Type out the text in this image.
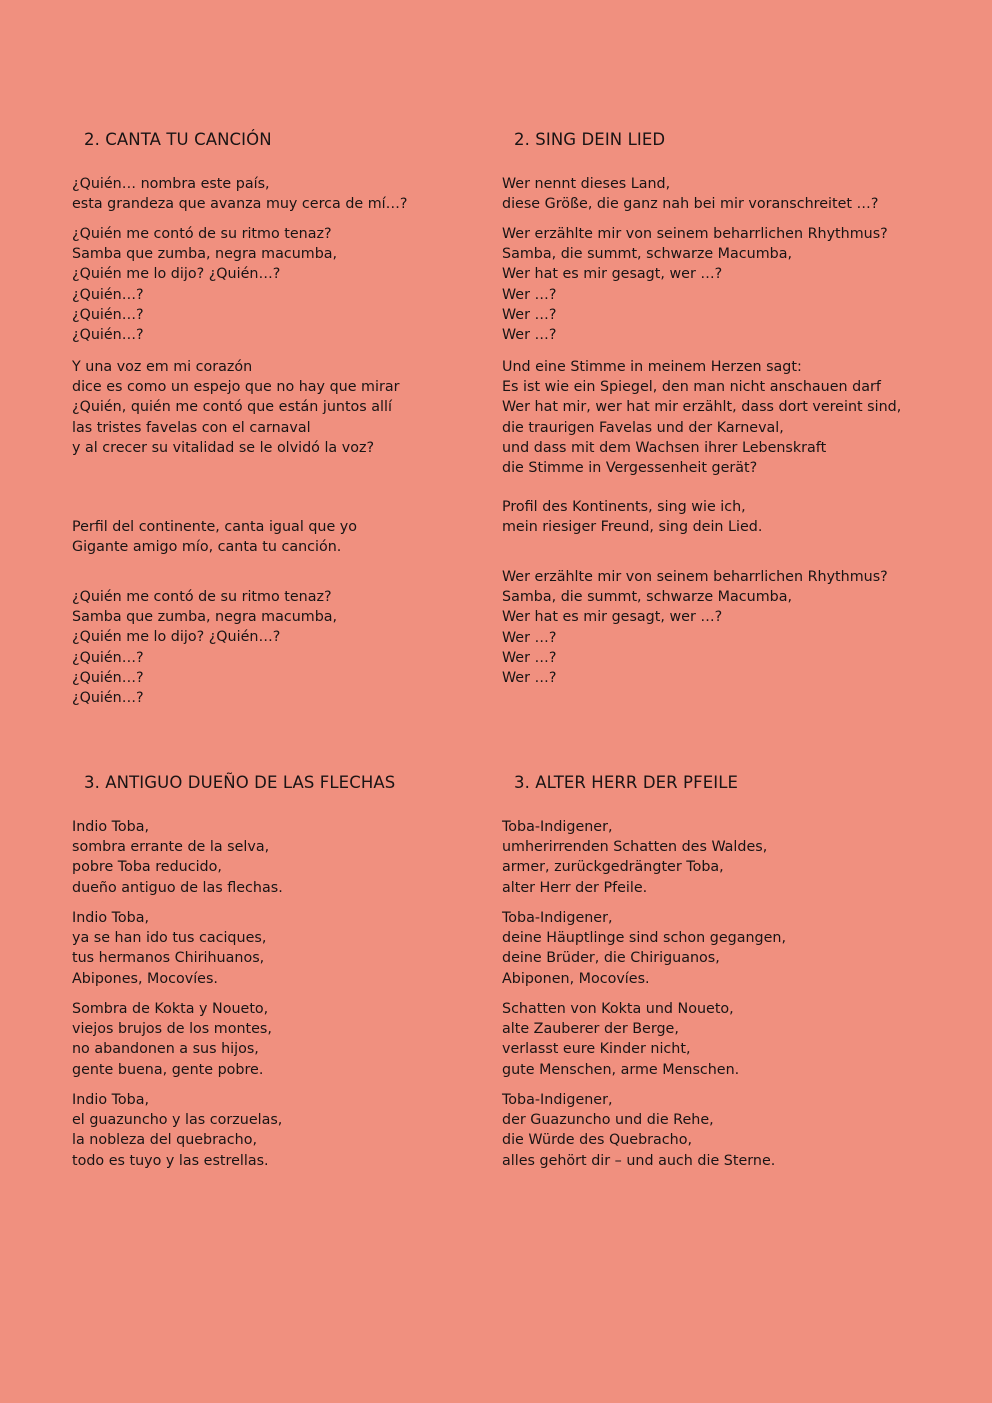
2. CANTA TU CANCIÓN
¿Quién… nombra este país,
esta grandeza que avanza muy cerca de mí…?
¿Quién me contó de su ritmo tenaz?
Samba que zumba, negra macumba,
¿Quién me lo dijo? ¿Quién…?
¿Quién…?
¿Quién…?
¿Quién…?
Y una voz em mi corazón
dice es como un espejo que no hay que mirar
¿Quién, quién me contó que están juntos allí
las tristes favelas con el carnaval
y al crecer su vitalidad se le olvidó la voz?
Perfil del continente, canta igual que yo
Gigante amigo mío, canta tu canción.
¿Quién me contó de su ritmo tenaz?
Samba que zumba, negra macumba,
¿Quién me lo dijo? ¿Quién…?
¿Quién…?
¿Quién…?
¿Quién…?
2. SING DEIN LIED
Wer nennt dieses Land,
diese Größe, die ganz nah bei mir voranschreitet …?
Wer erzählte mir von seinem beharrlichen Rhythmus?
Samba, die summt, schwarze Macumba,
Wer hat es mir gesagt, wer …?
Wer …?
Wer …?
Wer …?
Und eine Stimme in meinem Herzen sagt:
Es ist wie ein Spiegel, den man nicht anschauen darf
Wer hat mir, wer hat mir erzählt, dass dort vereint sind,
die traurigen Favelas und der Karneval,
und dass mit dem Wachsen ihrer Lebenskraft
die Stimme in Vergessenheit gerät?
Profil des Kontinents, sing wie ich,
mein riesiger Freund, sing dein Lied.
Wer erzählte mir von seinem beharrlichen Rhythmus?
Samba, die summt, schwarze Macumba,
Wer hat es mir gesagt, wer …?
Wer …?
Wer …?
Wer …?
3. ANTIGUO DUEÑO DE LAS FLECHAS
Indio Toba,
sombra errante de la selva,
pobre Toba reducido,
dueño antiguo de las flechas.
Indio Toba,
ya se han ido tus caciques,
tus hermanos Chirihuanos,
Abipones, Mocovíes.
Sombra de Kokta y Noueto,
viejos brujos de los montes,
no abandonen a sus hijos,
gente buena, gente pobre.
Indio Toba,
el guazuncho y las corzuelas,
la nobleza del quebracho,
todo es tuyo y las estrellas.
3. ALTER HERR DER PFEILE
Toba-Indigener,
umherirrenden Schatten des Waldes,
armer, zurückgedrängter Toba,
alter Herr der Pfeile.
Toba-Indigener,
deine Häuptlinge sind schon gegangen,
deine Brüder, die Chiriguanos,
Abiponen, Mocovíes.
Schatten von Kokta und Noueto,
alte Zauberer der Berge,
verlasst eure Kinder nicht,
gute Menschen, arme Menschen.
Toba-Indigener,
der Guazuncho und die Rehe,
die Würde des Quebracho,
alles gehört dir – und auch die Sterne.
